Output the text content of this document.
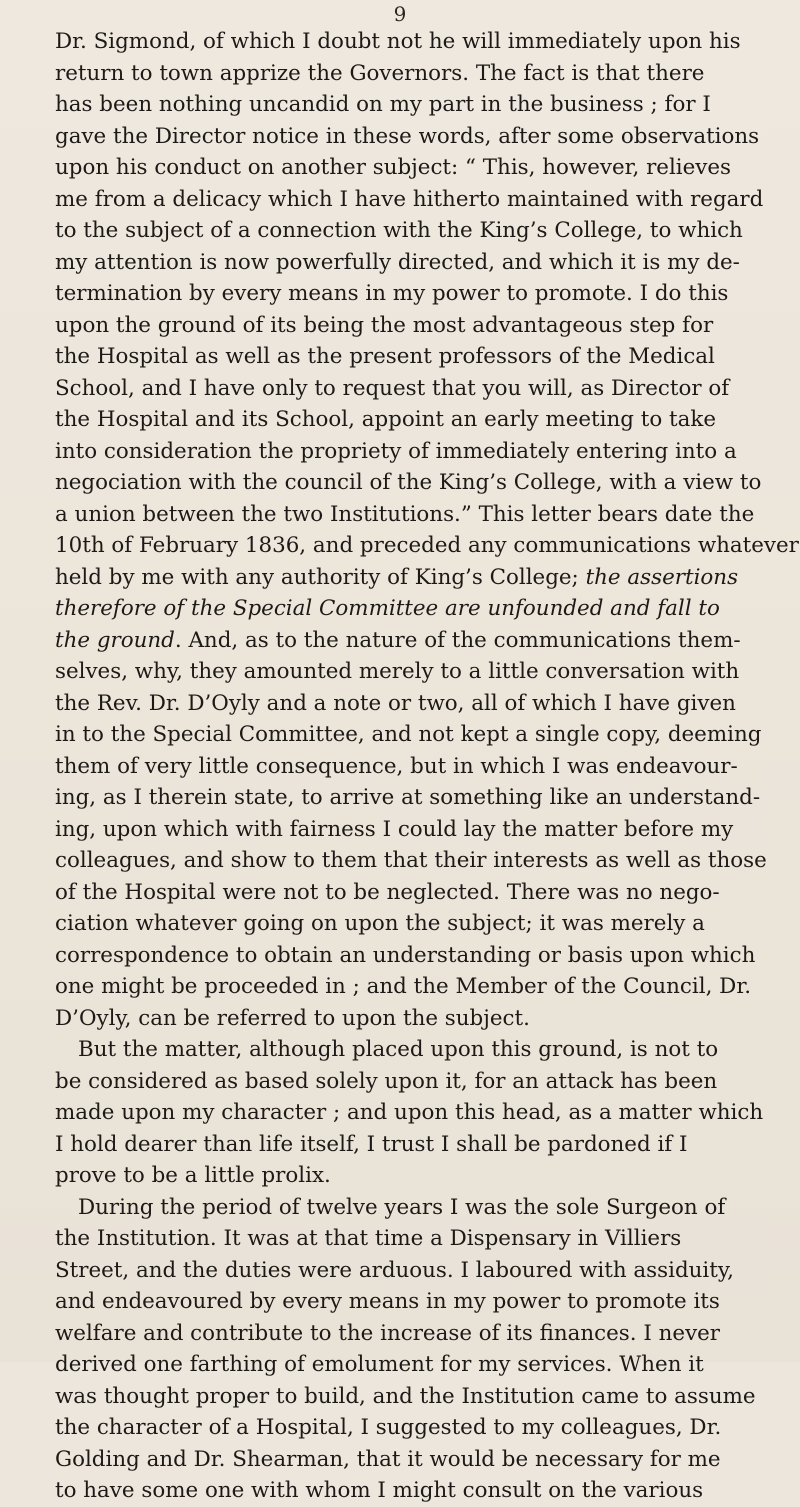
9
Dr. Sigmond, of which I doubt not he will immediately upon his
return to town apprize the Governors. The fact is that there
has been nothing uncandid on my part in the business ; for I
gave the Director notice in these words, after some observations
upon his conduct on another subject: “ This, however, relieves
me from a delicacy which I have hitherto maintained with regard
to the subject of a connection with the King’s College, to which
my attention is now powerfully directed, and which it is my de-
termination by every means in my power to promote. I do this
upon the ground of its being the most advantageous step for
the Hospital as well as the present professors of the Medical
School, and I have only to request that you will, as Director of
the Hospital and its School, appoint an early meeting to take
into consideration the propriety of immediately entering into a
negociation with the council of the King’s College, with a view to
a union between the two Institutions.” This letter bears date the
10th of February 1836, and preceded any communications whatever
held by me with any authority of King’s College; the assertions
therefore of the Special Committee are unfounded and fall to
the ground. And, as to the nature of the communications them-
selves, why, they amounted merely to a little conversation with
the Rev. Dr. D’Oyly and a note or two, all of which I have given
in to the Special Committee, and not kept a single copy, deeming
them of very little consequence, but in which I was endeavour-
ing, as I therein state, to arrive at something like an understand-
ing, upon which with fairness I could lay the matter before my
colleagues, and show to them that their interests as well as those
of the Hospital were not to be neglected. There was no nego-
ciation whatever going on upon the subject; it was merely a
correspondence to obtain an understanding or basis upon which
one might be proceeded in ; and the Member of the Council, Dr.
D’Oyly, can be referred to upon the subject.
But the matter, although placed upon this ground, is not to
be considered as based solely upon it, for an attack has been
made upon my character ; and upon this head, as a matter which
I hold dearer than life itself, I trust I shall be pardoned if I
prove to be a little prolix.
During the period of twelve years I was the sole Surgeon of
the Institution. It was at that time a Dispensary in Villiers
Street, and the duties were arduous. I laboured with assiduity,
and endeavoured by every means in my power to promote its
welfare and contribute to the increase of its finances. I never
derived one farthing of emolument for my services. When it
was thought proper to build, and the Institution came to assume
the character of a Hospital, I suggested to my colleagues, Dr.
Golding and Dr. Shearman, that it would be necessary for me
to have some one with whom I might consult on the various
